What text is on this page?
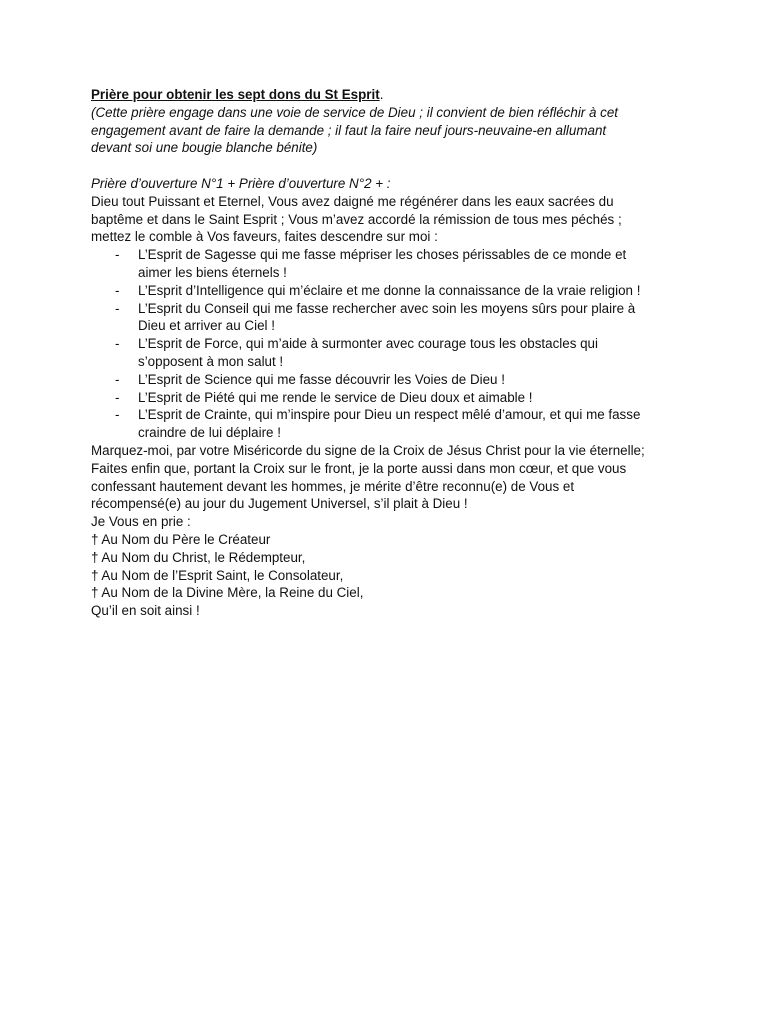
Prière pour obtenir les sept dons du St Esprit.
(Cette prière engage dans une voie de service de Dieu ; il convient de bien réfléchir à cet
engagement avant de faire la demande ; il faut la faire neuf jours-neuvaine-en allumant
devant soi une bougie blanche bénite)
Prière d’ouverture N°1 + Prière d’ouverture N°2 + :
Dieu tout Puissant et Eternel, Vous avez daigné me régénérer dans les eaux sacrées du
baptême et dans le Saint Esprit ; Vous m’avez accordé la rémission de tous mes péchés ;
mettez le comble à Vos faveurs, faites descendre sur moi :
- L’Esprit de Sagesse qui me fasse mépriser les choses périssables de ce monde et
aimer les biens éternels !
- L’Esprit d’Intelligence qui m’éclaire et me donne la connaissance de la vraie religion !
- L’Esprit du Conseil qui me fasse rechercher avec soin les moyens sûrs pour plaire à
Dieu et arriver au Ciel !
- L’Esprit de Force, qui m’aide à surmonter avec courage tous les obstacles qui
s’opposent à mon salut !
- L’Esprit de Science qui me fasse découvrir les Voies de Dieu !
- L’Esprit de Piété qui me rende le service de Dieu doux et aimable !
- L’Esprit de Crainte, qui m’inspire pour Dieu un respect mêlé d’amour, et qui me fasse
craindre de lui déplaire !
Marquez-moi, par votre Miséricorde du signe de la Croix de Jésus Christ pour la vie éternelle;
Faites enfin que, portant la Croix sur le front, je la porte aussi dans mon cœur, et que vous
confessant hautement devant les hommes, je mérite d’être reconnu(e) de Vous et
récompensé(e) au jour du Jugement Universel, s’il plait à Dieu !
Je Vous en prie :
† Au Nom du Père le Créateur
† Au Nom du Christ, le Rédempteur,
† Au Nom de l’Esprit Saint, le Consolateur,
† Au Nom de la Divine Mère, la Reine du Ciel,
Qu’il en soit ainsi !
